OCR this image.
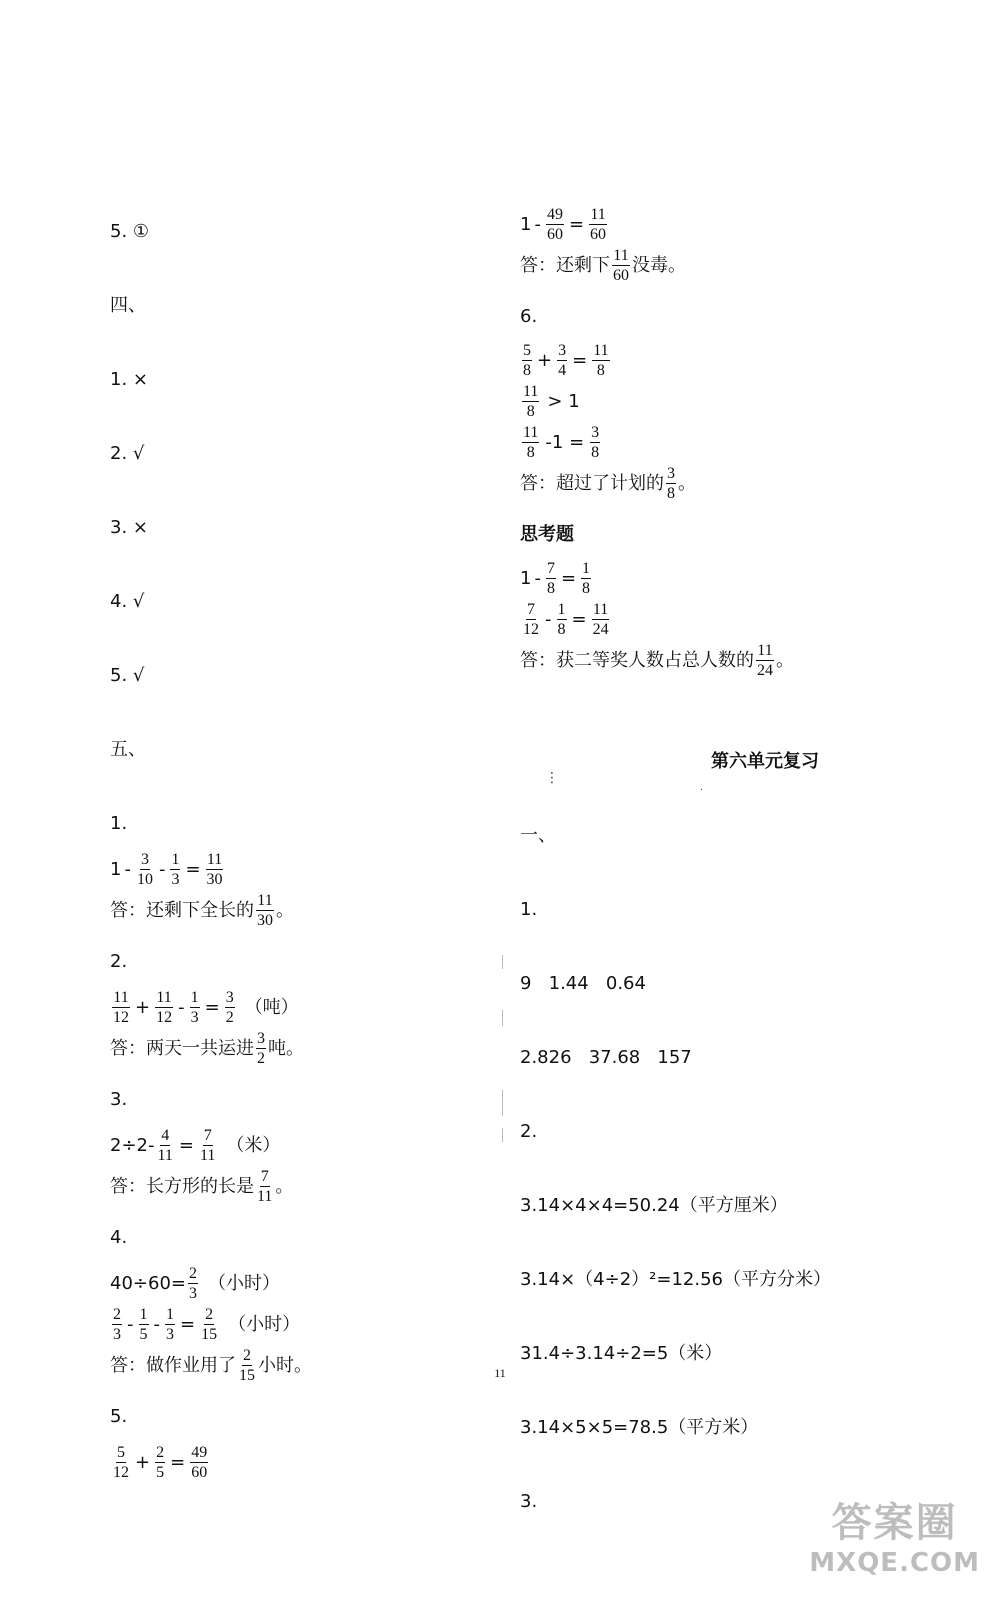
5. ①
四、
1. ×
2. √
3. ×
4. √
5. √
五、
1.
$1 - \frac{3}{10} - \frac{1}{3} = \frac{11}{30}$
答：还剩下全长的 $\frac{11}{30}$ 。
2.
$\frac{11}{12} + \frac{11}{12} - \frac{1}{3} = \frac{3}{2}$ （吨）
答：两天一共运进 $\frac{3}{2}$ 吨。
3.
$2\div 2- \frac{4}{11} = \frac{7}{11}$ （米）
答：长方形的长是 $\frac{7}{11}$ 。
4.
$40\div 60= \frac{2}{3}$ （小时）
$\frac{2}{3} - \frac{1}{5} - \frac{1}{3} = \frac{2}{15}$ （小时）
答：做作业用了 $\frac{2}{15}$ 小时。
5.
$\frac{5}{12} + \frac{2}{5} = \frac{49}{60}$
$1 - \frac{49}{60} = \frac{11}{60}$
答：还剩下 $\frac{11}{60}$ 没毒。
6.
$\frac{5}{8} + \frac{3}{4} = \frac{11}{8}$
$\frac{11}{8} > 1$
$\frac{11}{8} -1 = \frac{3}{8}$
答：超过了计划的 $\frac{3}{8}$ 。
思考题
$1 - \frac{7}{8} = \frac{1}{8}$
$\frac{7}{12} - \frac{1}{8} = \frac{11}{24}$
答：获二等奖人数占总人数的 $\frac{11}{24}$ 。
第六单元复习
一、
1.
9   1.44   0.64
2.826   37.68   157
2.
3.14×4×4=50.24（平方厘米）
3.14×（4÷2）²=12.56（平方分米）
31.4÷3.14÷2=5（米）
3.14×5×5=78.5（平方米）
3.
⋮
.
11
答案圈
MXQE.COM
